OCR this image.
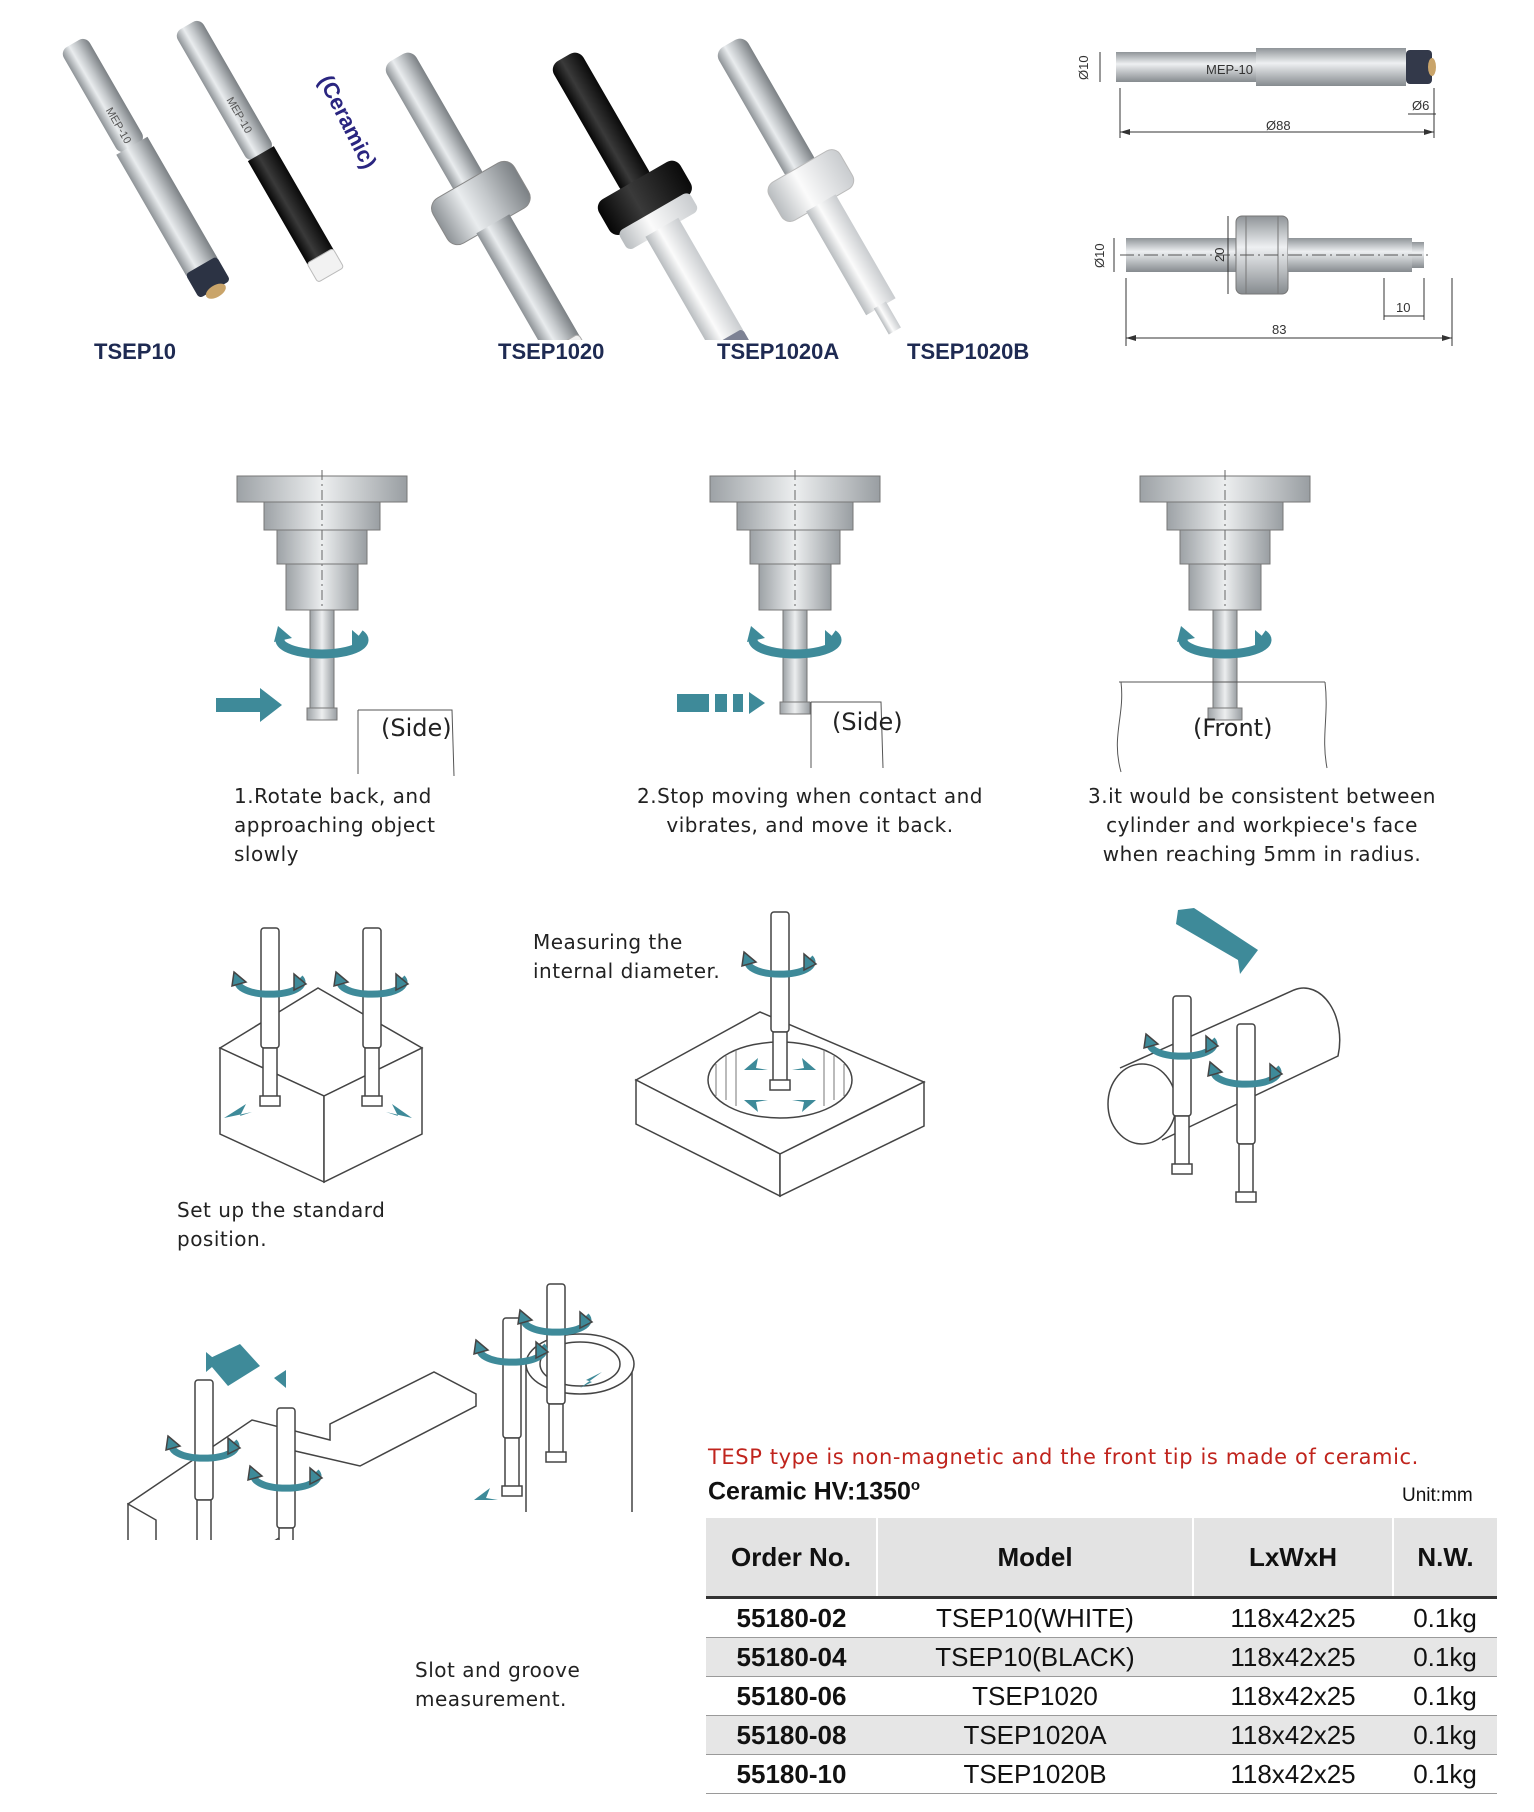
MEP-10	MEP-10	(Ceramic)
TSEP10	TSEP1020	TSEP1020A	TSEP1020B
MEP-10
Ø10
Ø88
Ø6
Ø10	20
10
83
(Side)	(Side)	(Front)
1.Rotate back, and
approaching object
slowly
2.Stop moving when contact and
vibrates, and move it back.
3.it would be consistent between
cylinder and workpiece's face
when reaching 5mm in radius.
Set up the standard
position.
Measuring the
internal diameter.
Slot and groove
measurement.
TESP type is non-magnetic and the front tip is made of ceramic.
Ceramic HV:1350$^o$	Unit:mm
Order No.	Model	LxWxH	N.W.
55180-02	TSEP10(WHITE)	118x42x25	0.1kg
55180-04	TSEP10(BLACK)	118x42x25	0.1kg
55180-06	TSEP1020	118x42x25	0.1kg
55180-08	TSEP1020A	118x42x25	0.1kg
55180-10	TSEP1020B	118x42x25	0.1kg
